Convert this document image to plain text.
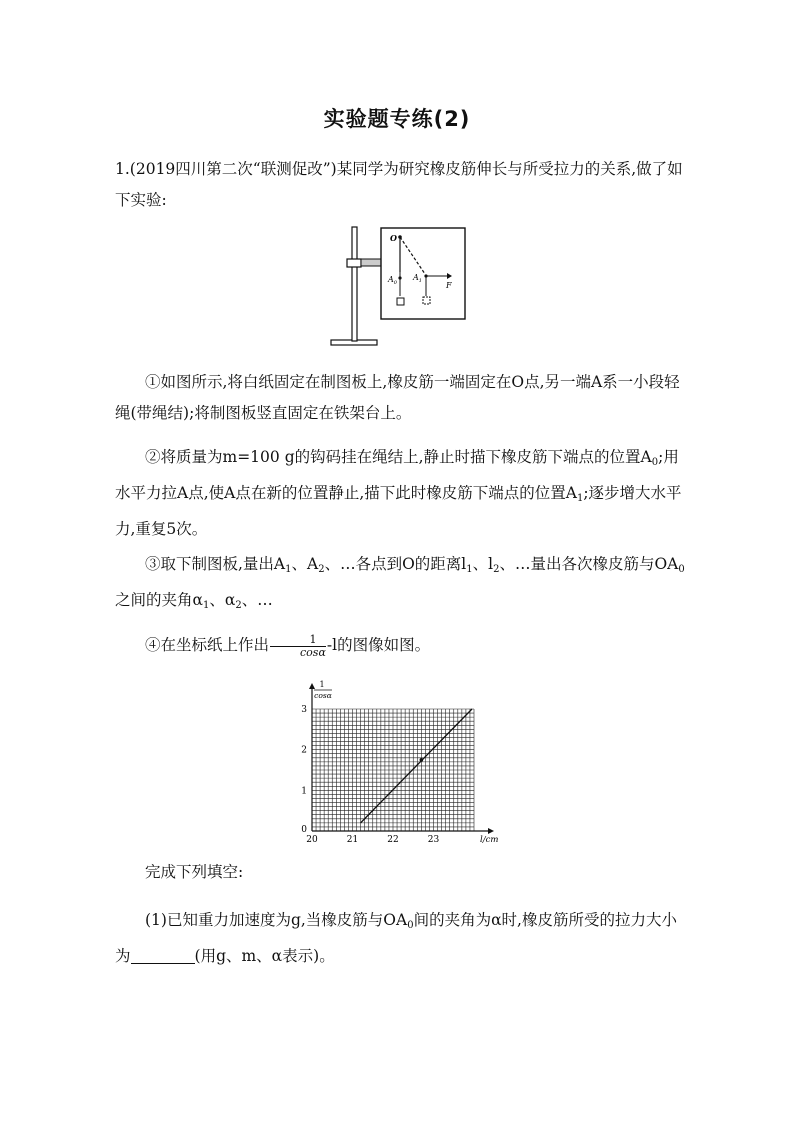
实验题专练(2)
1.(2019四川第二次“联测促改”)某同学为研究橡皮筋伸长与所受拉力的关系,做了如下实验:
O
$A_0$
$A_1$	F
①如图所示,将白纸固定在制图板上,橡皮筋一端固定在O点,另一端A系一小段轻绳(带绳结);将制图板竖直固定在铁架台上。
②将质量为m=100 g的钩码挂在绳结上,静止时描下橡皮筋下端点的位置$A_0$;用水平力拉A点,使A点在新的位置静止,描下此时橡皮筋下端点的位置$A_1$;逐步增大水平力,重复5次。
③取下制图板,量出$A_1$、$A_2$、…各点到O的距离$l_1$、$l_2$、…量出各次橡皮筋与$OA_0$之间的夹角$\alpha_1$、$\alpha_2$、…
④在坐标纸上作出 $\frac{1}{\cos\alpha} -l$的图像如图。
20	21	22	23
0
1
2
3
l/cm
1
cosα
完成下列填空:
(1)已知重力加速度为g,当橡皮筋与$OA_0$间的夹角为α时,橡皮筋所受的拉力大小为	(用g、m、α表示)。
